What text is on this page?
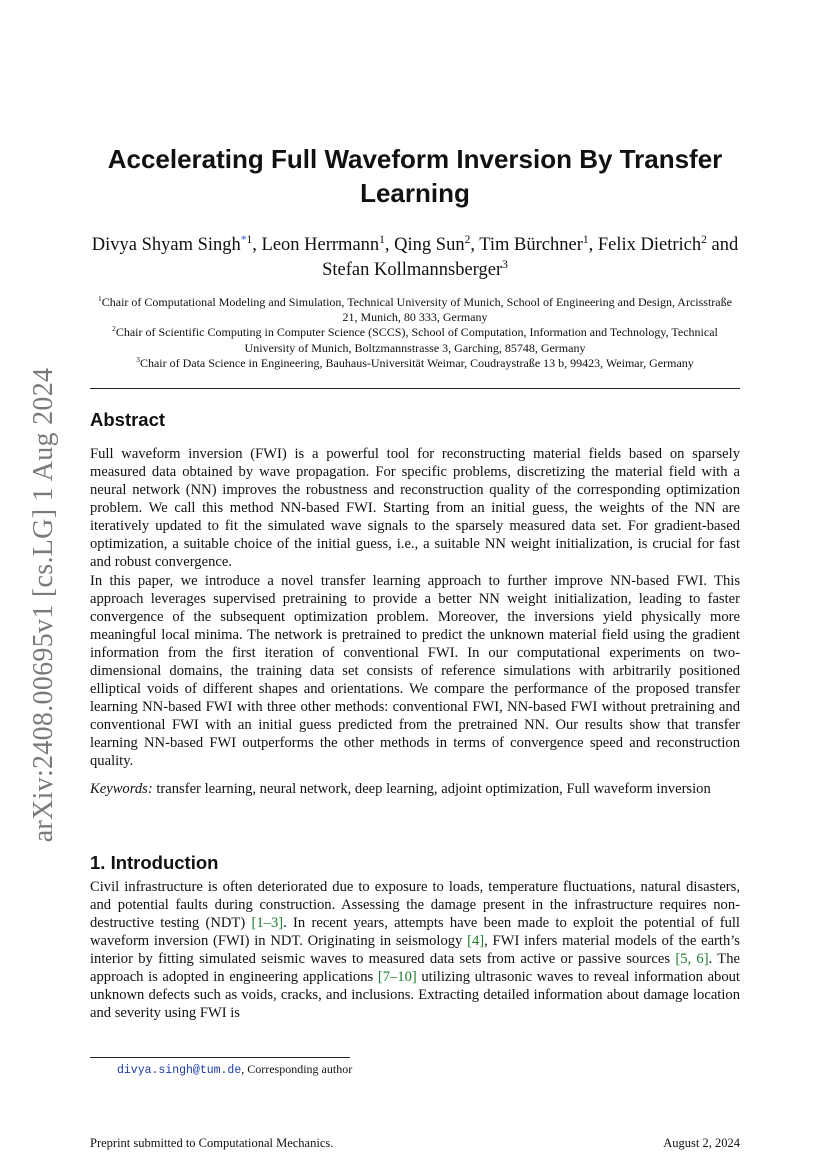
arXiv:2408.00695v1 [cs.LG] 1 Aug 2024
Accelerating Full Waveform Inversion By Transfer Learning
Divya Shyam Singh$^{*1}$, Leon Herrmann$^1$, Qing Sun$^2$, Tim Bürchner$^1$, Felix Dietrich$^2$ and Stefan Kollmannsberger$^3$
$^1$Chair of Computational Modeling and Simulation, Technical University of Munich, School of Engineering and Design, Arcisstraße 21, Munich, 80 333, Germany
$^2$Chair of Scientific Computing in Computer Science (SCCS), School of Computation, Information and Technology, Technical University of Munich, Boltzmannstrasse 3, Garching, 85748, Germany
$^3$Chair of Data Science in Engineering, Bauhaus-Universität Weimar, Coudraystraße 13 b, 99423, Weimar, Germany
Abstract

Full waveform inversion (FWI) is a powerful tool for reconstructing material fields based on sparsely measured data obtained by wave propagation. For specific problems, discretizing the material field with a neural network (NN) improves the robustness and reconstruction quality of the corresponding optimization problem. We call this method NN-based FWI. Starting from an initial guess, the weights of the NN are iteratively updated to fit the simulated wave signals to the sparsely measured data set. For gradient-based optimization, a suitable choice of the initial guess, i.e., a suitable NN weight initialization, is crucial for fast and robust convergence.

In this paper, we introduce a novel transfer learning approach to further improve NN-based FWI. This approach leverages supervised pretraining to provide a better NN weight initialization, leading to faster convergence of the subsequent optimization problem. Moreover, the inversions yield physically more meaningful local minima. The network is pretrained to predict the unknown material field using the gradient information from the first iteration of conventional FWI. In our computational experiments on two-dimensional domains, the training data set consists of reference simulations with arbitrarily positioned elliptical voids of different shapes and orientations. We compare the performance of the proposed transfer learning NN-based FWI with three other methods: conventional FWI, NN-based FWI without pretraining and conventional FWI with an initial guess predicted from the pretrained NN. Our results show that transfer learning NN-based FWI outperforms the other methods in terms of convergence speed and reconstruction quality.

Keywords: transfer learning, neural network, deep learning, adjoint optimization, Full waveform inversion

1. Introduction

Civil infrastructure is often deteriorated due to exposure to loads, temperature fluctuations, natural disasters, and potential faults during construction. Assessing the damage present in the infrastructure requires non-destructive testing (NDT) [1–3]. In recent years, attempts have been made to exploit the potential of full waveform inversion (FWI) in NDT. Originating in seismology [4], FWI infers material models of the earth’s interior by fitting simulated seismic waves to measured data sets from active or passive sources [5, 6]. The approach is adopted in engineering applications [7–10] utilizing ultrasonic waves to reveal information about unknown defects such as voids, cracks, and inclusions. Extracting detailed information about damage location and severity using FWI is

divya.singh@tum.de, Corresponding author
Preprint submitted to Computational Mechanics.	August 2, 2024
